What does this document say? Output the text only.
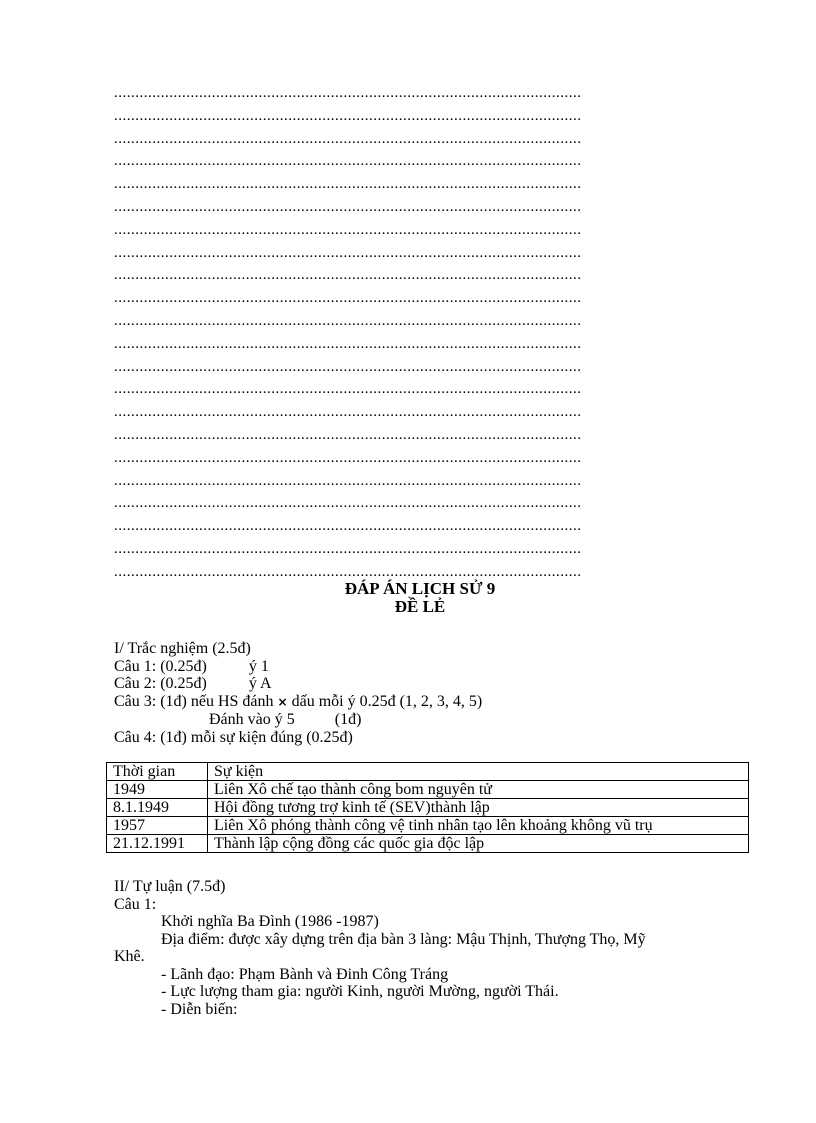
..............................................................................................................
..............................................................................................................
..............................................................................................................
..............................................................................................................
..............................................................................................................
..............................................................................................................
..............................................................................................................
..............................................................................................................
..............................................................................................................
..............................................................................................................
..............................................................................................................
..............................................................................................................
..............................................................................................................
..............................................................................................................
..............................................................................................................
..............................................................................................................
..............................................................................................................
..............................................................................................................
..............................................................................................................
..............................................................................................................
..............................................................................................................
..............................................................................................................
ĐÁP ÁN LỊCH SỬ 9
ĐỀ LẺ
I/ Trắc nghiệm (2.5đ)
Câu 1: (0.25đ)	ý 1
Câu 2: (0.25đ)	ý A
Câu 3: (1đ) nếu HS đánh × dấu mỗi ý 0.25đ (1, 2, 3, 4, 5)
Đánh vào ý 5	(1đ)
Câu 4: (1đ) mỗi sự kiện đúng (0.25đ)
Thời gian	Sự kiện
1949	Liên Xô chế tạo thành công bom nguyên tử
8.1.1949	Hội đồng tương trợ kinh tế (SEV)thành lập
1957	Liên Xô phóng thành công vệ tinh nhân tạo lên khoảng không vũ trụ
21.12.1991	Thành lập cộng đồng các quốc gia độc lập
II/ Tự luận (7.5đ)
Câu 1:
Khởi nghĩa Ba Đình (1986 -1987)
Địa điểm: được xây dựng trên địa bàn 3 làng: Mậu Thịnh, Thượng Thọ, Mỹ
Khê.
- Lãnh đạo: Phạm Bành và Đinh Công Tráng
- Lực lượng tham gia: người Kinh, người Mường, người Thái.
- Diễn biến:
